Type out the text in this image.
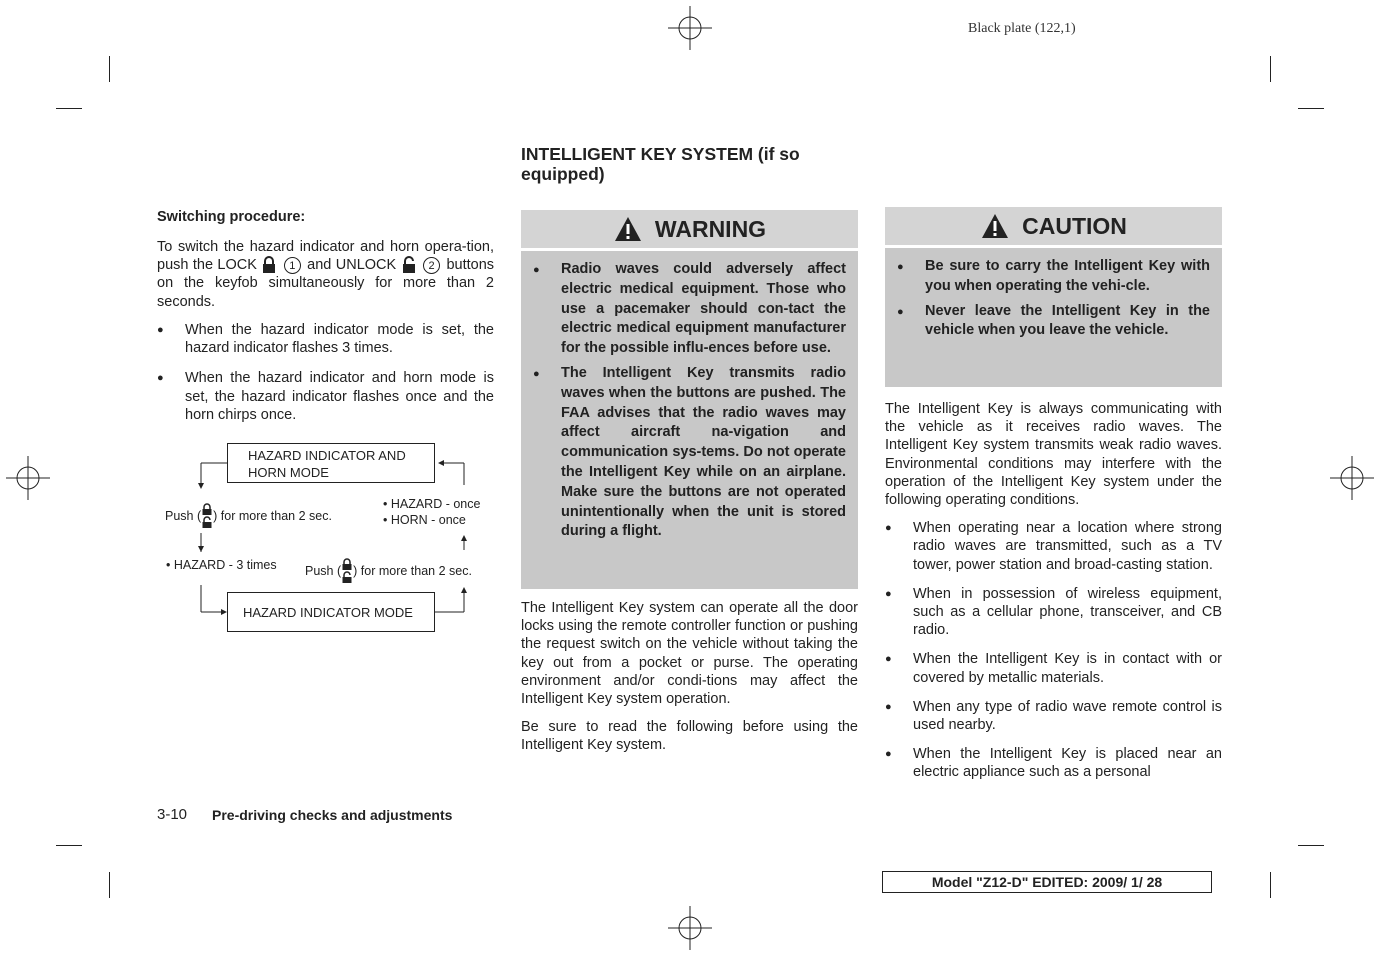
Black plate (122,1)
Switching procedure:
To switch the hazard indicator and horn opera-tion, push the LOCK	1 and UNLOCK	2 buttons on the keyfob simultaneously for more than 2 seconds.
● When the hazard indicator mode is set, the hazard indicator flashes 3 times.
● When the hazard indicator and horn mode is set, the hazard indicator flashes once and the horn chirps once.
HAZARD INDICATOR AND
HORN MODE
HAZARD INDICATOR MODE
Push ( ) for more than 2 sec.
• HAZARD - once
• HORN - once
• HAZARD - 3 times Push ( ) for more than 2 sec.
INTELLIGENT KEY SYSTEM (if so equipped)
WARNING
● Radio waves could adversely affect electric medical equipment. Those who use a pacemaker should con-tact the electric medical equipment manufacturer for the possible influ-ences before use.
● The Intelligent Key transmits radio waves when the buttons are pushed. The FAA advises that the radio waves may affect aircraft na-vigation and communication sys-tems. Do not operate the Intelligent Key while on an airplane. Make sure the buttons are not operated unintentionally when the unit is stored during a flight.

The Intelligent Key system can operate all the door locks using the remote controller function or pushing the request switch on the vehicle without taking the key out from a pocket or purse. The operating environment and/or condi-tions may affect the Intelligent Key system operation.

Be sure to read the following before using the Intelligent Key system.

CAUTION
● Be sure to carry the Intelligent Key with you when operating the vehi-cle.
● Never leave the Intelligent Key in the vehicle when you leave the vehicle.

The Intelligent Key is always communicating with the vehicle as it receives radio waves. The Intelligent Key system transmits weak radio waves. Environmental conditions may interfere with the operation of the Intelligent Key system under the following operating conditions.

● When operating near a location where strong radio waves are transmitted, such as a TV tower, power station and broad-casting station.
● When in possession of wireless equipment, such as a cellular phone, transceiver, and CB radio.
● When the Intelligent Key is in contact with or covered by metallic materials.
● When any type of radio wave remote control is used nearby.
● When the Intelligent Key is placed near an electric appliance such as a personal
3-10 Pre-driving checks and adjustments
Model "Z12-D" EDITED: 2009/ 1/ 28
